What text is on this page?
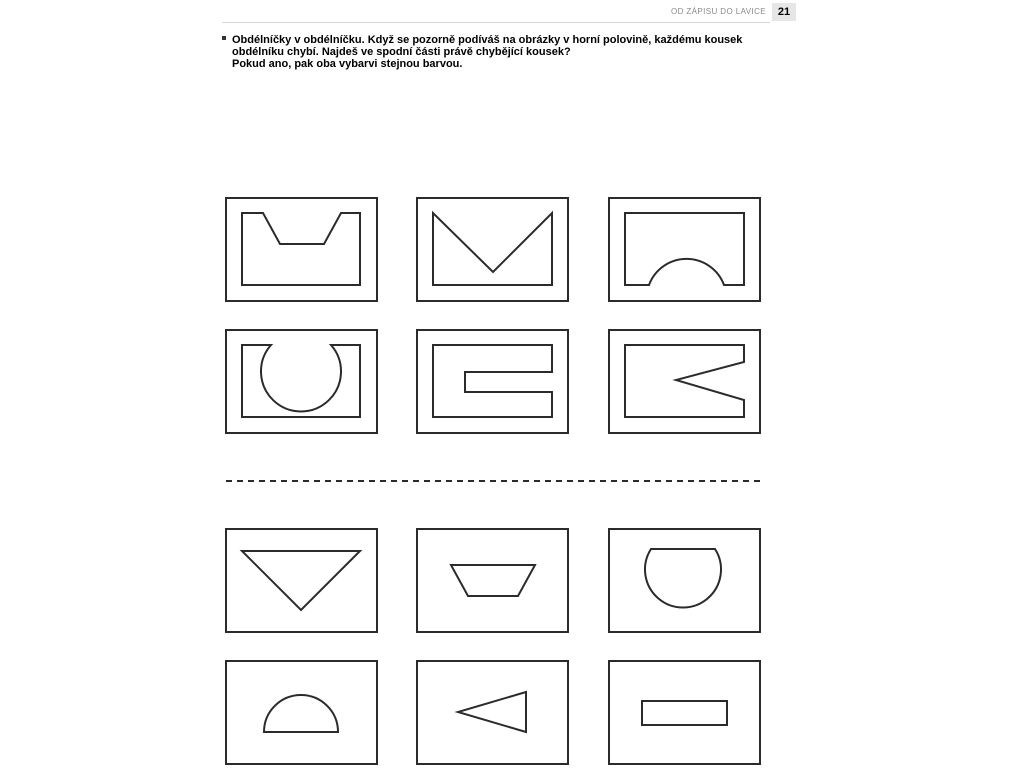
OD ZÁPISU DO LAVICE	21
Obdélníčky v obdélníčku. Když se pozorně podíváš na obrázky v horní polovině, každému kousek
obdélníku chybí. Najdeš ve spodní části právě chybějící kousek?
Pokud ano, pak oba vybarvi stejnou barvou.
